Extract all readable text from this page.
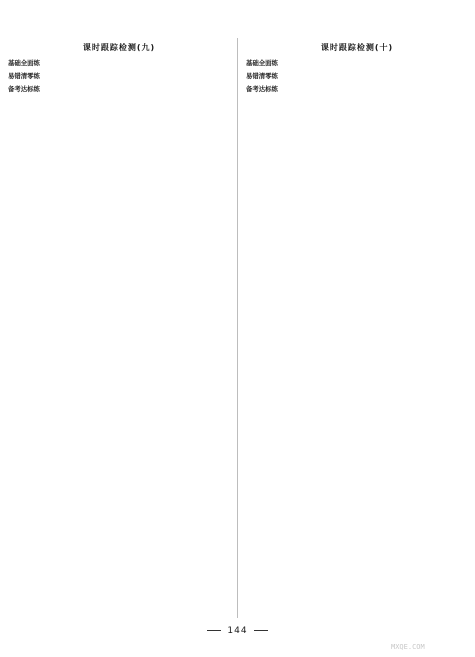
课时跟踪检测(九)
基础全面练

易错清零练

备考达标练

课时跟踪检测(十)
基础全面练

易错清零练

备考达标练

144
MXQE.COM
